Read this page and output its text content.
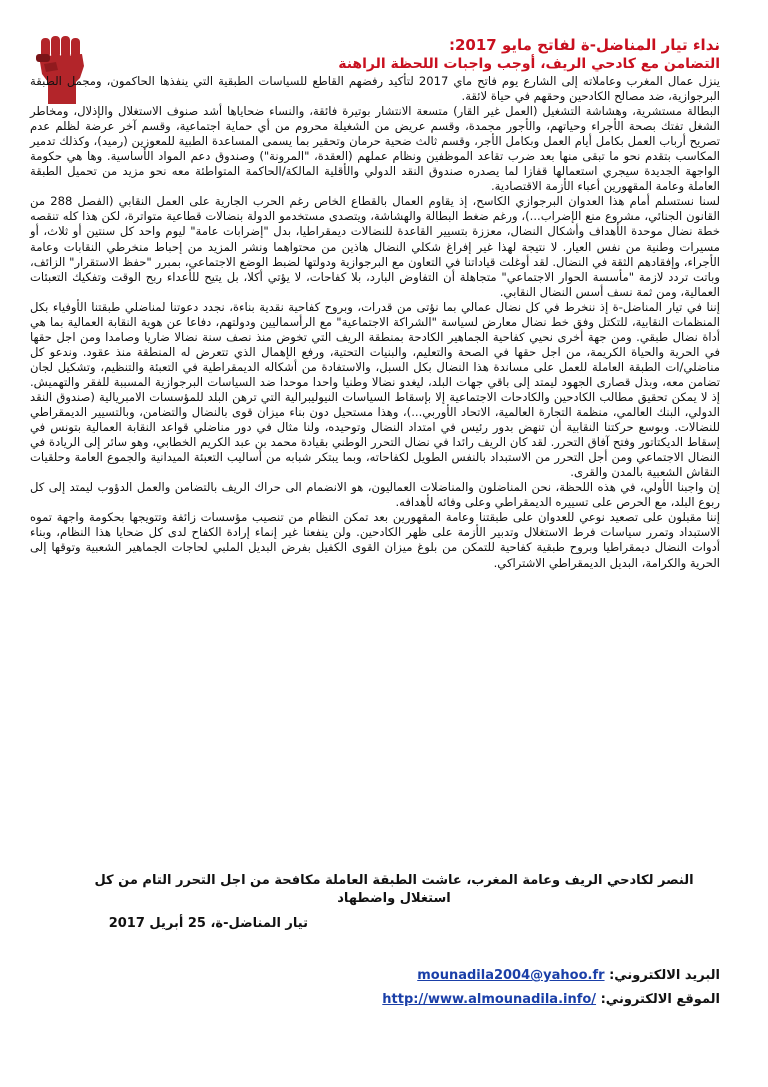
نداء تيار المناضل-ة لفاتح مايو 2017:
التضامن مع كادحي الريف، أوجب واجبات اللحظة الراهنة

ينزل عمال المغرب وعاملاته إلى الشارع يوم فاتح ماي 2017 لتأكيد رفضهم القاطع للسياسات الطبقية التي ينفذها الحاكمون، ومجمل الطبقة البرجوازية، ضد مصالح الكادحين وحقهم في حياة لائقة.

البطالة مستشرية، وهشاشة التشغيل (العمل غير القار) متسعة الانتشار بوتيرة فائقة، والنساء ضحاياها أشد صنوف الاستغلال والإذلال، ومخاطر الشغل تفتك بصحة الأجراء وحياتهم، والأجور مجمدة، وقسم عريض من الشغيلة محروم من أي حماية اجتماعية، وقسم آخر عرضة لظلم عدم تصريح أرباب العمل بكامل أيام العمل وبكامل الأجر، وقسم ثالث ضحية حرمان وتحقير بما يسمى المساعدة الطبية للمعوزين (رميد)، وكذلك تدمير المكاسب بتقدم نحو ما تبقى منها بعد ضرب تقاعد الموظفين ونظام عملهم (العقدة، "المرونة") وصندوق دعم المواد الأساسية. وها هي حكومة الواجهة الجديدة سيجري استعمالها قفازا لما يصدره صندوق النقد الدولي والأقلية المالكة/الحاكمة المتواطئة معه نحو مزيد من تحميل الطبقة العاملة وعامة المقهورين أعباء الأزمة الاقتصادية.

لسنا نستسلم أمام هذا العدوان البرجوازي الكاسح، إذ يقاوم العمال بالقطاع الخاص رغم الحرب الجارية على العمل النقابي (الفصل 288 من القانون الجنائي، مشروع منع الإضراب...)، ورغم ضغط البطالة والهشاشة، ويتصدى مستخدمو الدولة بنضالات قطاعية متواترة، لكن هذا كله تنقصه خطة نضال موحدة الأهداف وأشكال النضال، معززة بتسيير القاعدة للنضالات ديمقراطيا، بدل "إضرابات عامة" ليوم واحد كل سنتين أو ثلاث، أو مسيرات وطنية من نفس العيار. لا نتيجة لهذا غير إفراغ شكلي النضال هاذين من محتواهما ونشر المزيد من إحباط منخرطي النقابات وعامة الأجراء، وإفقادهم الثقة في النضال. لقد أوغلت قياداتنا في التعاون مع البرجوازية ودولتها لضبط الوضع الاجتماعي، بمبرر "حفظ الاستقرار" الزائف، وباتت تردد لازمة "مأسسة الحوار الاجتماعي" متجاهلة أن التفاوض البارد، بلا كفاحات، لا يؤتي أكلا، بل يتيح للأعداء ربح الوقت وتفكيك التعبئات العمالية، ومن ثمة نسف أسس النضال النقابي.

إننا في تيار المناضل-ة إذ ننخرط في كل نضال عمالي بما نؤتى من قدرات، وبروح كفاحية نقدية بناءة، نجدد دعوتنا لمناضلي طبقتنا الأوفياء بكل المنظمات النقابية، للتكتل وفق خط نضال معارض لسياسة "الشراكة الاجتماعية" مع الرأسماليين ودولتهم، دفاعا عن هوية النقابة العمالية بما هي أداة نضال طبقي. ومن جهة أخرى نحيي كفاحية الجماهير الكادحة بمنطقة الريف التي تخوض منذ نصف سنة نضالا ضاريا وصامدا ومن اجل حقها في الحرية والحياة الكريمة، من اجل حقها في الصحة والتعليم، والبنيات التحتية، ورفع الإهمال الذي تتعرض له المنطقة منذ عقود. وندعو كل مناضلي/ات الطبقة العاملة للعمل على مساندة هذا النضال بكل السبل، والاستفادة من أشكاله الديمقراطية في التعبئة والتنظيم، وتشكيل لجان تضامن معه، وبذل قصارى الجهود ليمتد إلى باقي جهات البلد، ليغدو نضالا وطنيا واحدا موحدا ضد السياسات البرجوازية المسببة للفقر والتهميش. إذ لا يمكن تحقيق مطالب الكادحين والكادحات الاجتماعية إلا بإسقاط السياسات النيوليبرالية التي ترهن البلد للمؤسسات الامبريالية (صندوق النقد الدولي، البنك العالمي، منظمة التجارة العالمية، الاتحاد الأوربي...)، وهذا مستحيل دون بناء ميزان قوى بالنضال والتضامن، وبالتسيير الديمقراطي للنضالات. وبوسع حركتنا النقابية أن تنهض بدور رئيس في امتداد النضال وتوحيده، ولنا مثال في دور مناضلي قواعد النقابة العمالية بتونس في إسقاط الديكتاتور وفتح آفاق التحرر. لقد كان الريف رائدا في نضال التحرر الوطني بقيادة محمد بن عبد الكريم الخطابي، وهو سائر إلى الريادة في النضال الاجتماعي ومن أجل التحرر من الاستبداد بالنفس الطويل لكفاحاته، وبما يبتكر شبابه من أساليب التعبئة الميدانية والجموع العامة وحلقيات النقاش الشعبية بالمدن والقرى.

إن واجبنا الأولي، في هذه اللحظة، نحن المناضلون والمناضلات العماليون، هو الانضمام الى حراك الريف بالتضامن والعمل الدؤوب ليمتد إلى كل ربوع البلد، مع الحرص على تسييره الديمقراطي وعلى وفائه لأهدافه.

إننا مقبلون على تصعيد نوعي للعدوان على طبقتنا وعامة المقهورين بعد تمكن النظام من تنصيب مؤسسات زائفة وتتويجها بحكومة واجهة تموه الاستبداد وتمرر سياسات فرط الاستغلال وتدبير الأزمة على ظهر الكادحين. ولن ينفعنا غير إنماء إرادة الكفاح لدى كل ضحايا هذا النظام، وبناء أدوات النضال ديمقراطيا وبروح طبقية كفاحية للتمكن من بلوغ ميزان القوى الكفيل بفرض البديل الملبي لحاجات الجماهير الشعبية وتوقها إلى الحرية والكرامة، البديل الديمقراطي الاشتراكي.

النصر لكادحي الريف وعامة المغرب، عاشت الطبقة العاملة مكافحة من اجل التحرر التام من كل استغلال واضطهاد
تيار المناضل-ة، 25 أبريل 2017
البريد الالكتروني: mounadila2004@yahoo.fr
الموقع الالكتروني: http://www.almounadila.info/
